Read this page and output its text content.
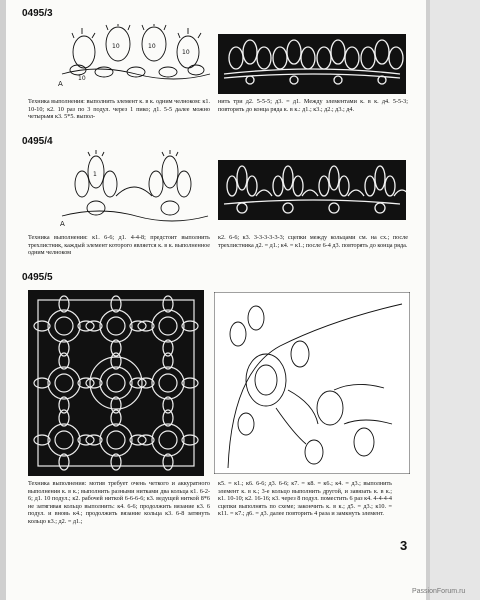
0495/3
A
10
10	10
10
Техника выполнения: выполнить элемент к. в к. одним челноком: к1. 10-10; к2. 10 раз по 3 подул. через 1 пико; д1. 5-5 далее можно четырьмя к3. 5*5. выпол-
нить три д2. 5-5-5; д3. = д1. Между элементами к. в к. д4. 5-5-3; повторять до конца ряда к. в к.: д1.; к3.; д2.; д3.; д4.
0495/4
A
1
Техника выполнения: к1. 6-6; д1. 4-4-8; предстоит выполнить трехлистник, каждый элемент которого является к. в к. выполненное одним челноком
к2. 6-6; к3. 3-3-3-3-3-3; сцепки между кольцами см. на сх.; после трехлистника д2. = д1.; к4. = к1.; после 6-4 д3. повторять до конца ряда.
0495/5
Техника выполнения: мотив требует очень четкого и аккуратного выполнения к. в к.; выполнить разными нитками два кольца к1. 6-2-6; д1. 10 подул.; к2. рабочей ниткой 6-6-6-6; к3. ведущей ниткой 8*6 не затягивая кольцо выполнить: к4. 6-6; продолжить вязание к3. 6 подул. и вновь к4.; продолжить вязание кольца к3. 6-8 затянуть кольцо к3.; д2. = д1.;
к5. = к1.; к6. 6-6; д3. 6-6; к7. = к8. = к6.; к4. = д3.; выполнить элемент к. в к.; 3-е кольцо выполнить другой, и завязать к. в к.; к1. 10-10; к2. 16-16; к3. через 8 подул. поместить 6 раз к4. 4-4-4-4 сцепки выполнять по схеме; закончить к. в к.; д5. = д3.; к10. = к11. = к7.; д6. = д3. далее повторить 4 раза и замкнуть элемент.
3
PassionForum.ru
